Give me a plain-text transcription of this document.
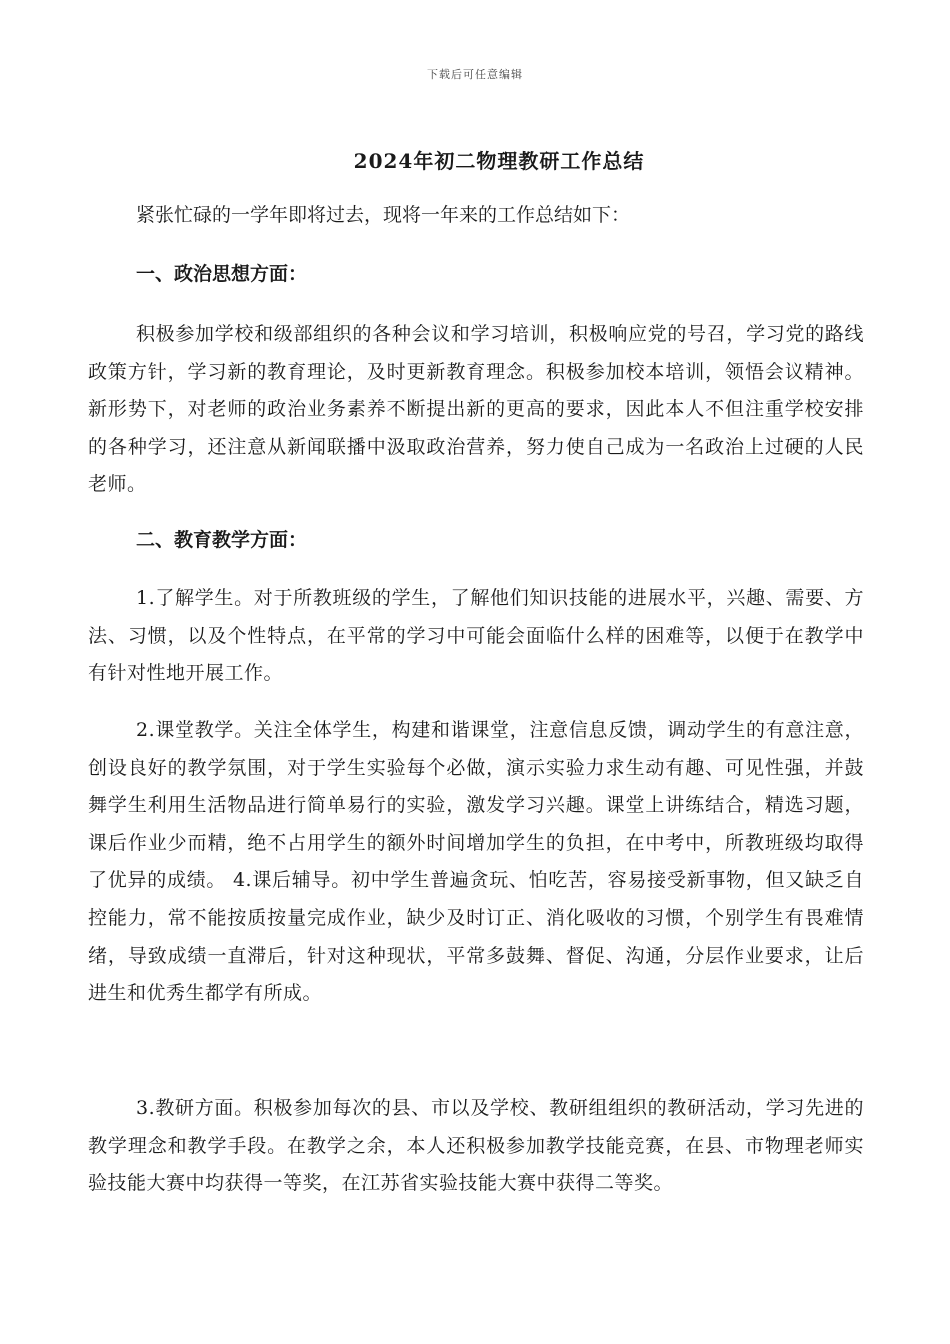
下载后可任意编辑
2024年初二物理教研工作总结
紧张忙碌的一学年即将过去，现将一年来的工作总结如下：
一、政治思想方面：
积极参加学校和级部组织的各种会议和学习培训，积极响应党的号召，学习党的路线政策方针，学习新的教育理论，及时更新教育理念。积极参加校本培训，领悟会议精神。新形势下，对老师的政治业务素养不断提出新的更高的要求，因此本人不但注重学校安排的各种学习，还注意从新闻联播中汲取政治营养，努力使自己成为一名政治上过硬的人民老师。
二、教育教学方面：
1.了解学生。对于所教班级的学生，了解他们知识技能的进展水平，兴趣、需要、方法、习惯，以及个性特点，在平常的学习中可能会面临什么样的困难等，以便于在教学中有针对性地开展工作。
2.课堂教学。关注全体学生，构建和谐课堂，注意信息反馈，调动学生的有意注意，创设良好的教学氛围，对于学生实验每个必做，演示实验力求生动有趣、可见性强，并鼓舞学生利用生活物品进行简单易行的实验，激发学习兴趣。课堂上讲练结合，精选习题，课后作业少而精，绝不占用学生的额外时间增加学生的负担，在中考中，所教班级均取得了优异的成绩。 4.课后辅导。初中学生普遍贪玩、怕吃苦，容易接受新事物，但又缺乏自控能力，常不能按质按量完成作业，缺少及时订正、消化吸收的习惯，个别学生有畏难情绪，导致成绩一直滞后，针对这种现状，平常多鼓舞、督促、沟通，分层作业要求，让后进生和优秀生都学有所成。
3.教研方面。积极参加每次的县、市以及学校、教研组组织的教研活动，学习先进的教学理念和教学手段。在教学之余，本人还积极参加教学技能竞赛，在县、市物理老师实验技能大赛中均获得一等奖，在江苏省实验技能大赛中获得二等奖。
